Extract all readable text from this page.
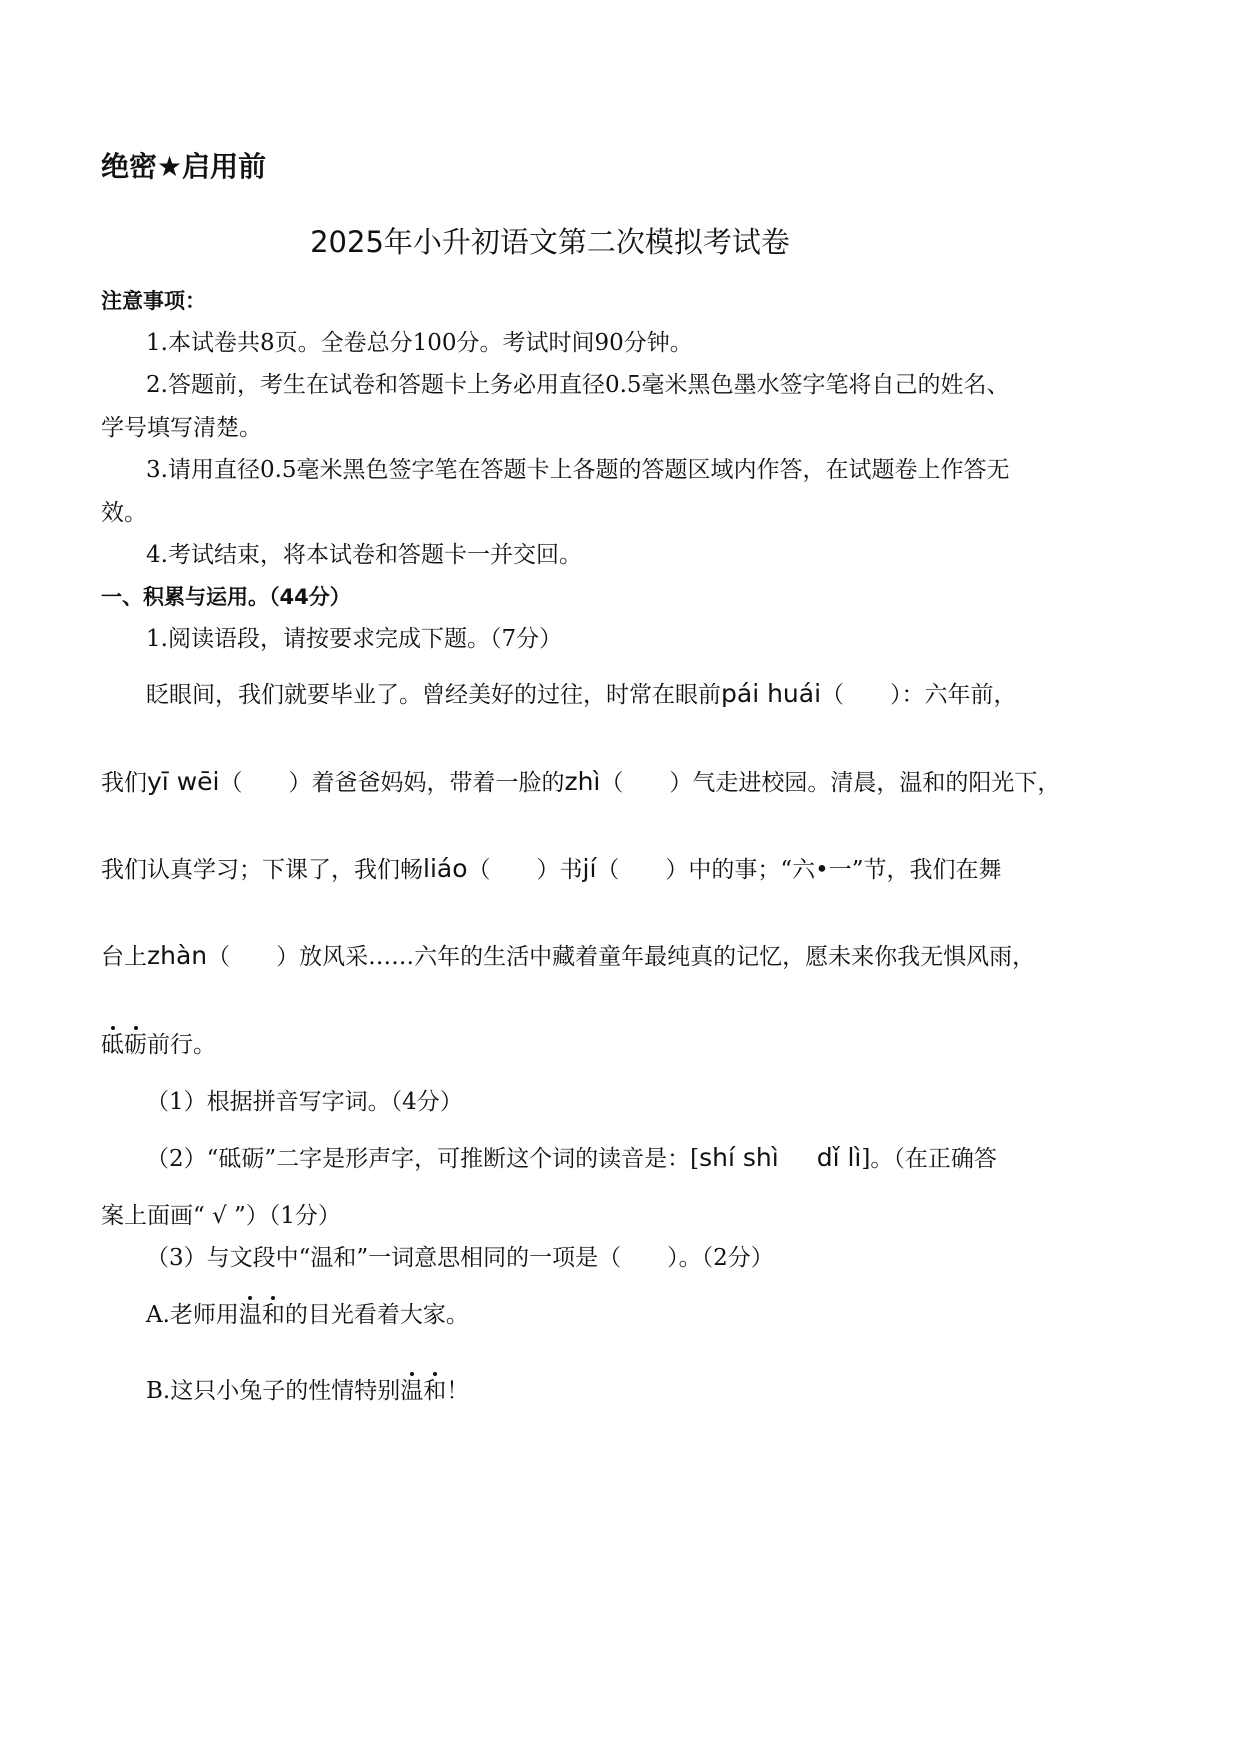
绝密★启用前
2025年小升初语文第二次模拟考试卷
注意事项：
1.本试卷共8页。全卷总分100分。考试时间90分钟。
2.答题前，考生在试卷和答题卡上务必用直径0.5毫米黑色墨水签字笔将自己的姓名、
学号填写清楚。
3.请用直径0.5毫米黑色签字笔在答题卡上各题的答题区域内作答，在试题卷上作答无
效。
4.考试结束，将本试卷和答题卡一并交回。
一、积累与运用。（44分）
1.阅读语段，请按要求完成下题。（7分）
眨眼间，我们就要毕业了。曾经美好的过往，时常在眼前pái huái（　　）：六年前，
我们yī wēi（　　）着爸爸妈妈，带着一脸的zhì（　　）气走进校园。清晨，温和的阳光下，
我们认真学习；下课了，我们畅liáo（　　）书jí（　　）中的事；“六•一”节，我们在舞
台上zhàn（　　）放风采……六年的生活中藏着童年最纯真的记忆，愿未来你我无惧风雨，
砥砺前行。
（1）根据拼音写字词。（4分）
（2）“砥砺”二字是形声字，可推断这个词的读音是：[shí shì dǐ lì]。（在正确答
案上面画“ √ ”）（1分）
（3）与文段中“温和”一词意思相同的一项是（　　）。（2分）
A.老师用温和的目光看着大家。
B.这只小兔子的性情特别温和！
